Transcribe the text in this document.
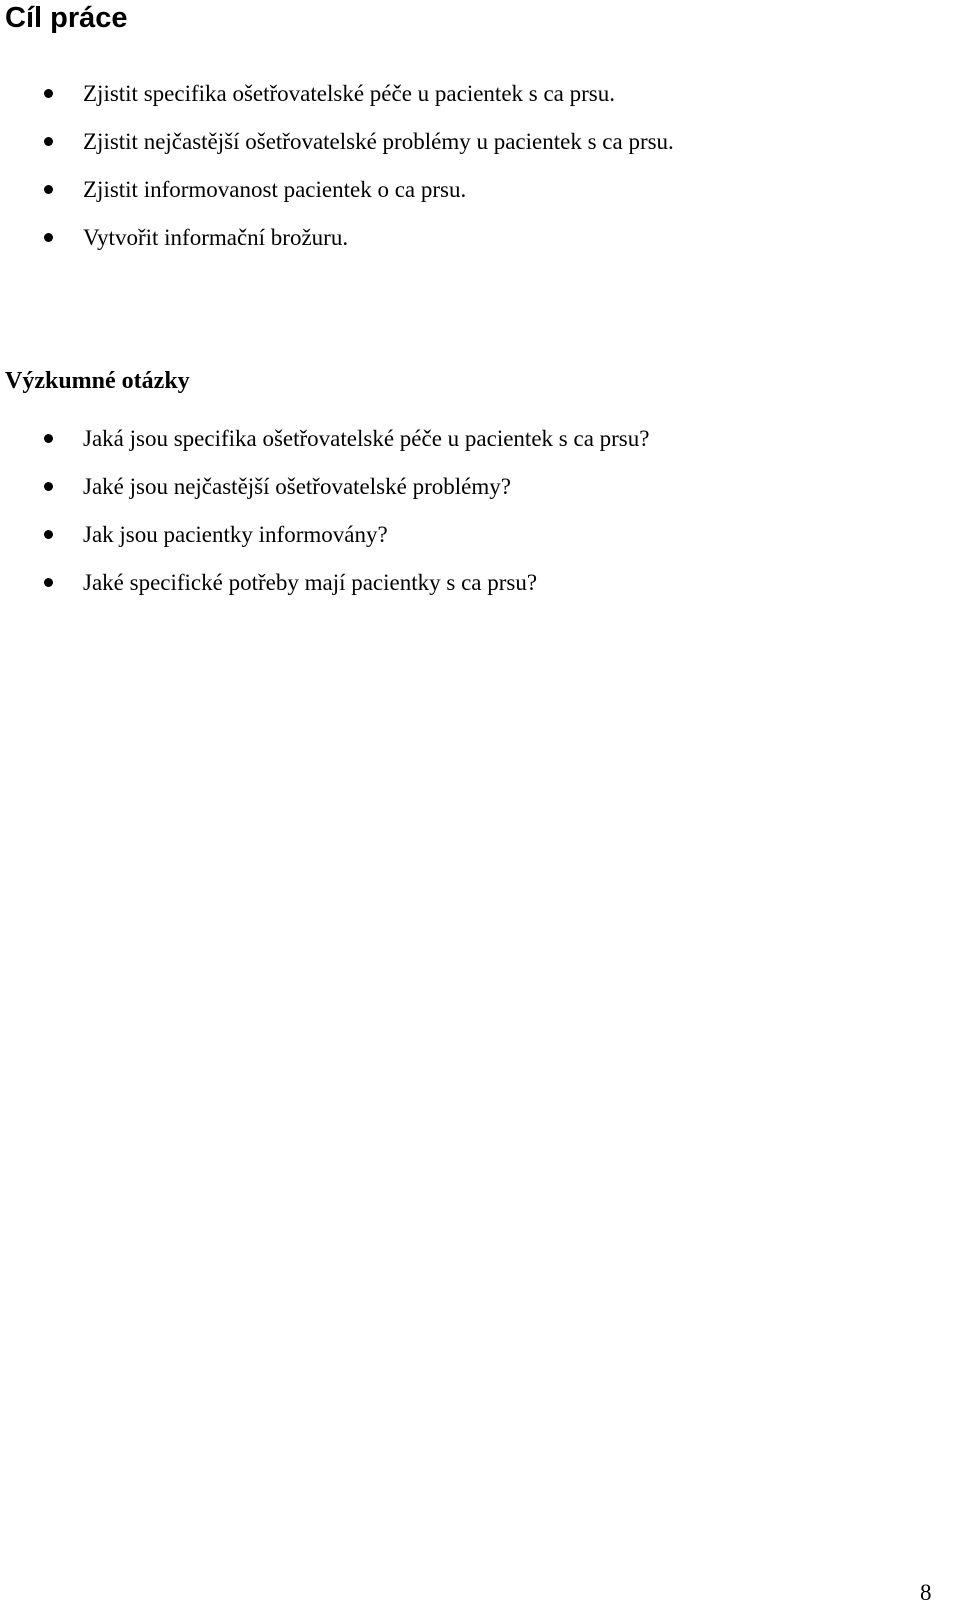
Cíl práce
Zjistit specifika ošetřovatelské péče u pacientek s ca prsu.
Zjistit nejčastější ošetřovatelské problémy u pacientek s ca prsu.
Zjistit informovanost pacientek o ca prsu.
Vytvořit informační brožuru.
Výzkumné otázky
Jaká jsou specifika ošetřovatelské péče u pacientek s ca prsu?
Jaké jsou nejčastější ošetřovatelské problémy?
Jak jsou pacientky informovány?
Jaké specifické potřeby mají pacientky s ca prsu?
8
